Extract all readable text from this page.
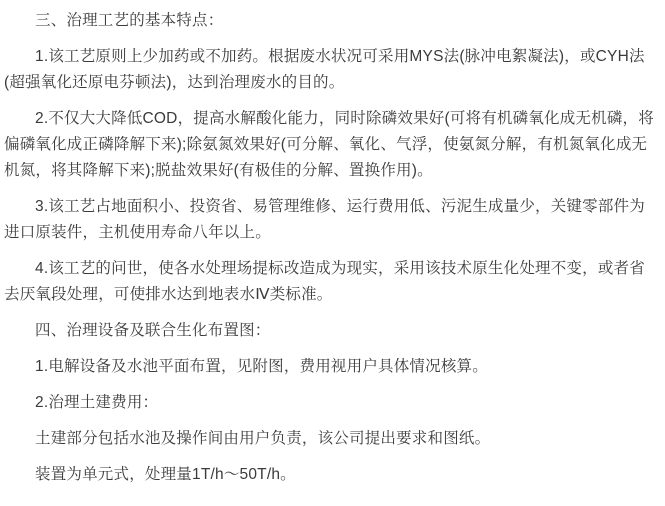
三、治理工艺的基本特点：

1.该工艺原则上少加药或不加药。根据废水状况可采用MYS法(脉冲电絮凝法)，或CYH法(超强氧化还原电芬顿法)，达到治理废水的目的。

2.不仅大大降低COD，提高水解酸化能力，同时除磷效果好(可将有机磷氧化成无机磷，将偏磷氧化成正磷降解下来);除氨氮效果好(可分解、氧化、气浮，使氨氮分解，有机氮氧化成无机氮，将其降解下来);脱盐效果好(有极佳的分解、置换作用)。

3.该工艺占地面积小、投资省、易管理维修、运行费用低、污泥生成量少，关键零部件为进口原装件，主机使用寿命八年以上。

4.该工艺的问世，使各水处理场提标改造成为现实，采用该技术原生化处理不变，或者省去厌氧段处理，可使排水达到地表水Ⅳ类标准。

四、治理设备及联合生化布置图：

1.电解设备及水池平面布置，见附图，费用视用户具体情况核算。

2.治理土建费用：

土建部分包括水池及操作间由用户负责，该公司提出要求和图纸。

装置为单元式，处理量1T/h～50T/h。
